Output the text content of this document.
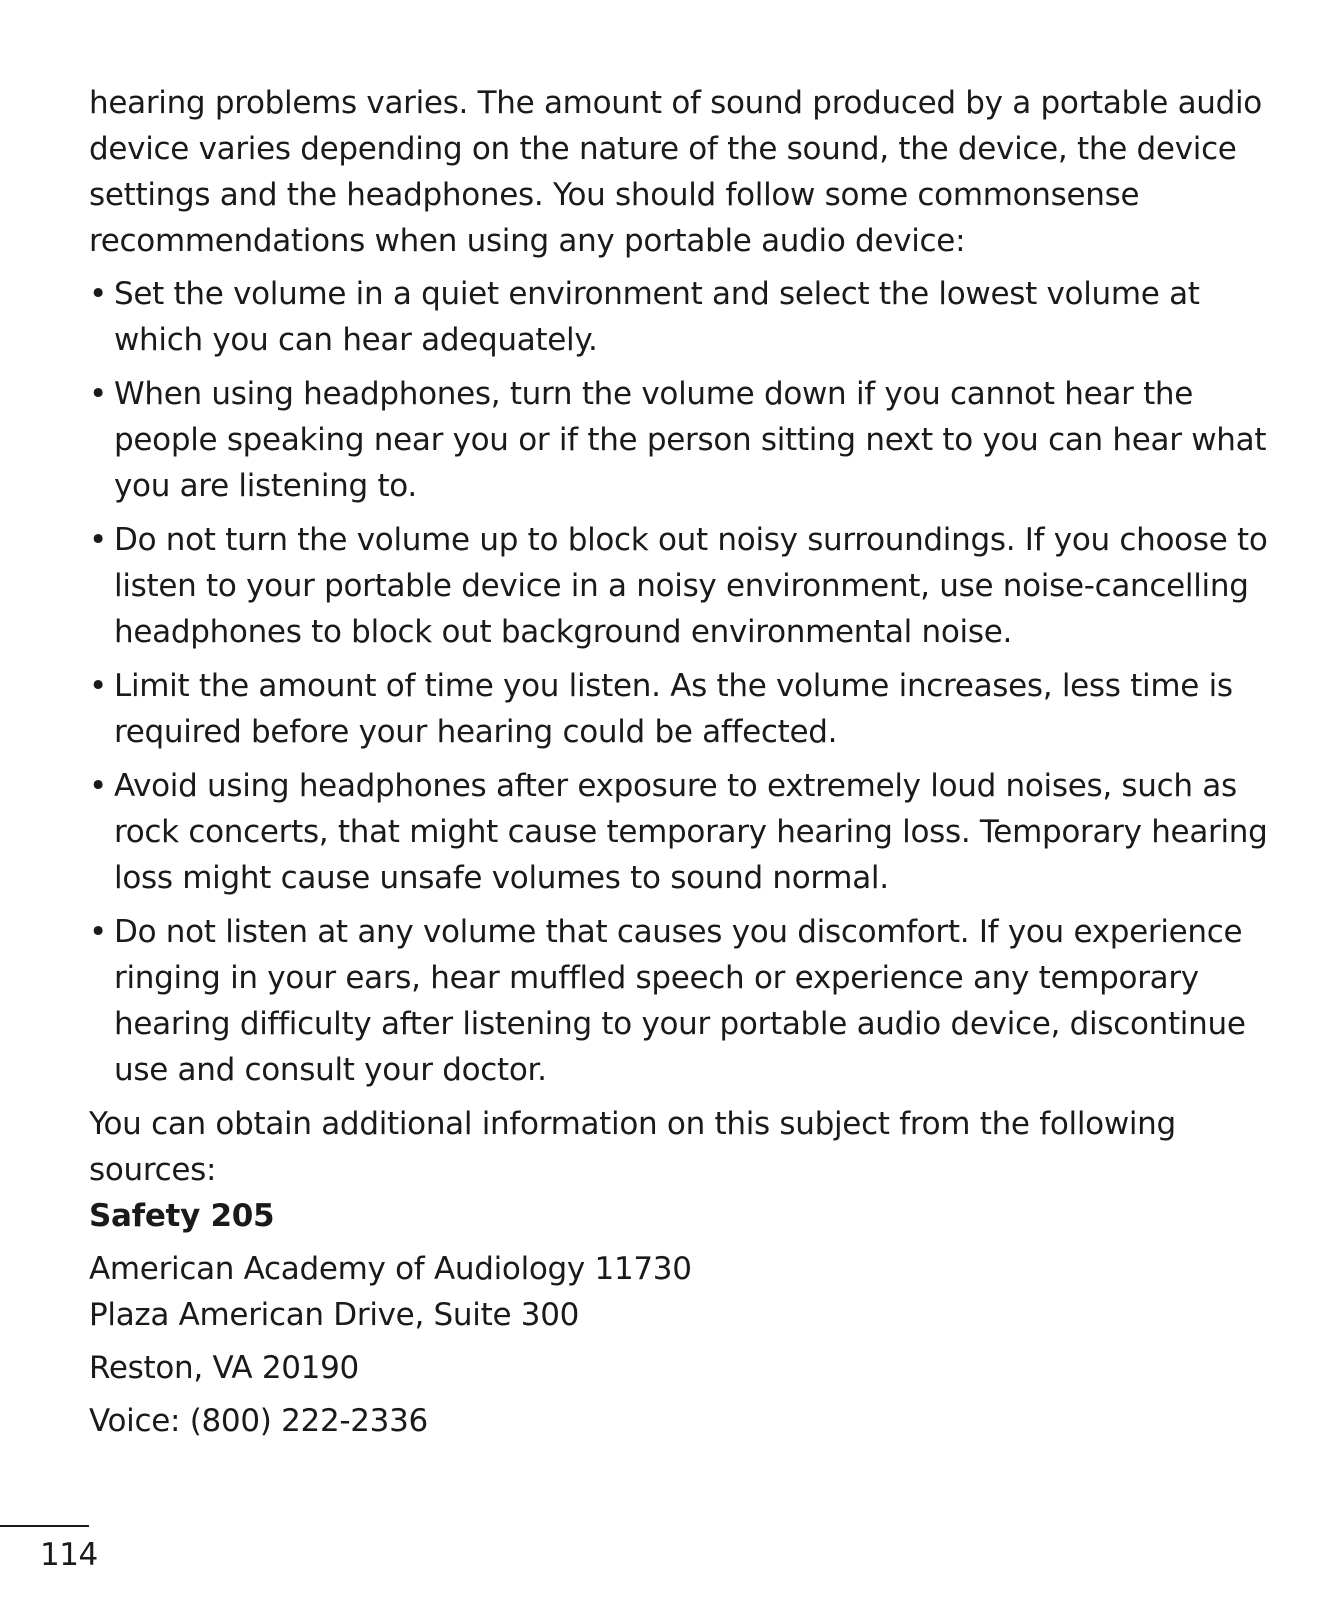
hearing problems varies. The amount of sound produced by a portable audio device varies depending on the nature of the sound, the device, the device settings and the headphones. You should follow some commonsense recommendations when using any portable audio device:

• Set the volume in a quiet environment and select the lowest volume at which you can hear adequately.
• When using headphones, turn the volume down if you cannot hear the people speaking near you or if the person sitting next to you can hear what you are listening to.
• Do not turn the volume up to block out noisy surroundings. If you choose to listen to your portable device in a noisy environment, use noise-cancelling headphones to block out background environmental noise.
• Limit the amount of time you listen. As the volume increases, less time is required before your hearing could be affected.
• Avoid using headphones after exposure to extremely loud noises, such as rock concerts, that might cause temporary hearing loss. Temporary hearing loss might cause unsafe volumes to sound normal.
• Do not listen at any volume that causes you discomfort. If you experience ringing in your ears, hear muffled speech or experience any temporary hearing difficulty after listening to your portable audio device, discontinue use and consult your doctor.

You can obtain additional information on this subject from the following sources:

Safety 205

American Academy of Audiology 11730
Plaza American Drive, Suite 300

Reston, VA 20190

Voice: (800) 222-2336

114
